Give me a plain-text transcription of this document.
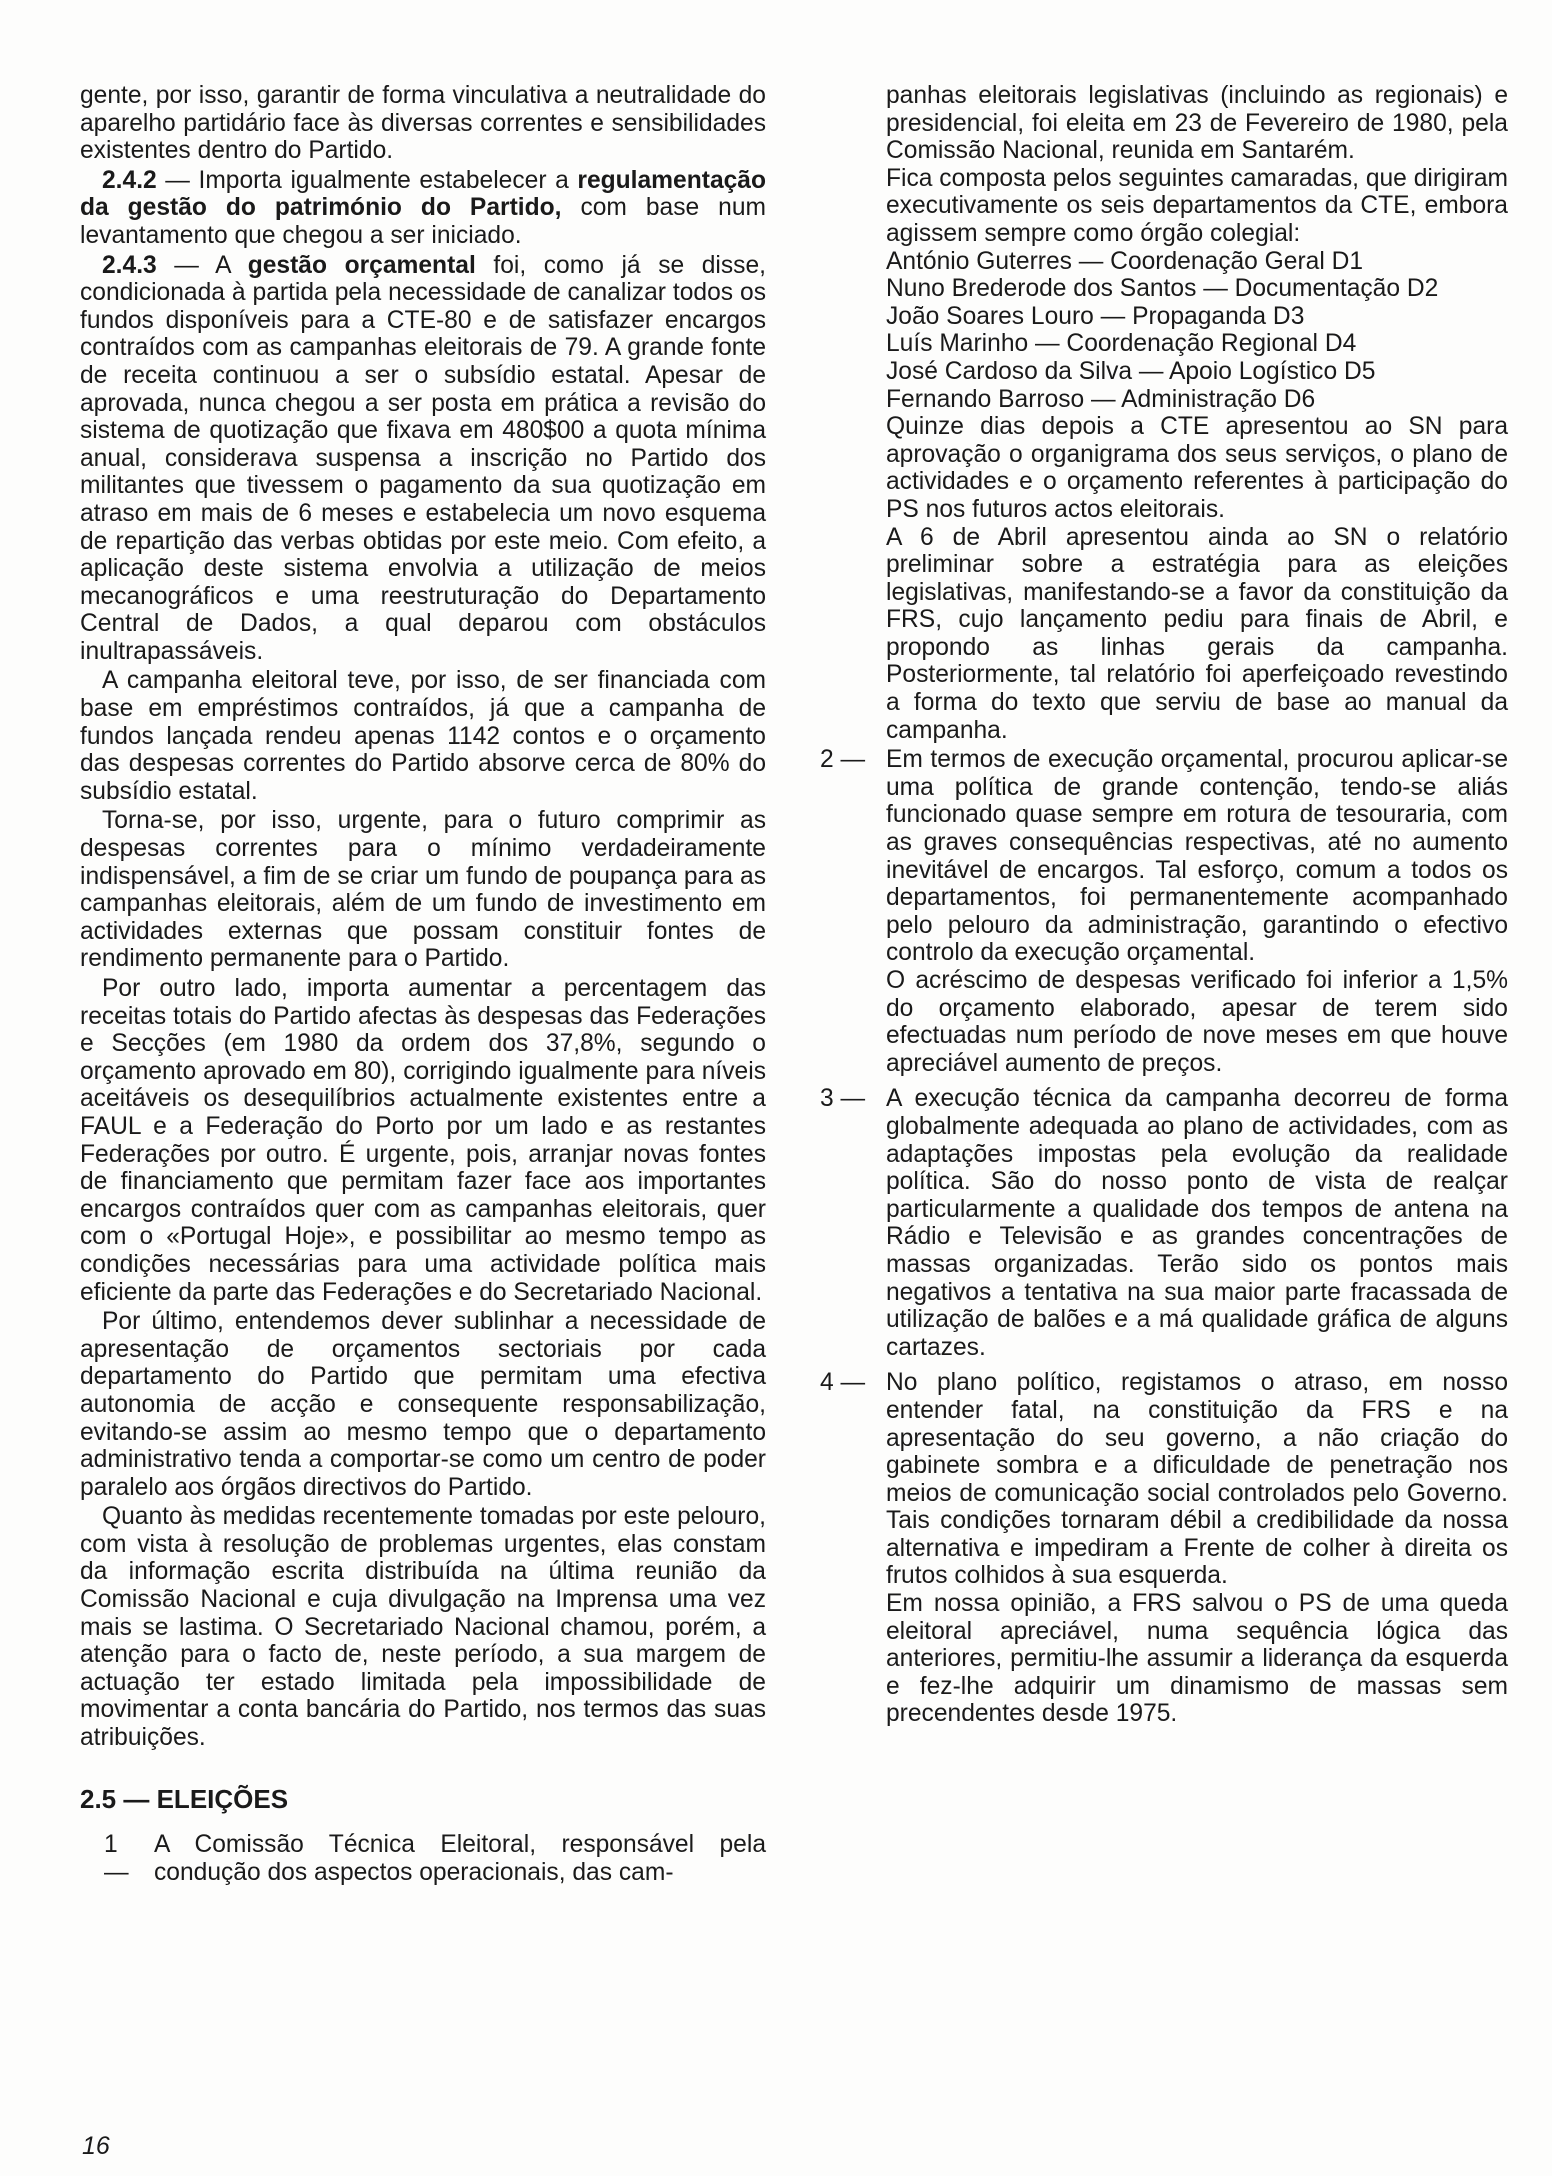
gente, por isso, garantir de forma vinculativa a neutralidade do aparelho partidário face às diversas correntes e sensibilidades existentes dentro do Partido.

2.4.2 — Importa igualmente estabelecer a regulamentação da gestão do património do Partido, com base num levantamento que chegou a ser iniciado.

2.4.3 — A gestão orçamental foi, como já se disse, condicionada à partida pela necessidade de canalizar todos os fundos disponíveis para a CTE-80 e de satisfazer encargos contraídos com as campanhas eleitorais de 79. A grande fonte de receita continuou a ser o subsídio estatal. Apesar de aprovada, nunca chegou a ser posta em prática a revisão do sistema de quotização que fixava em 480$00 a quota mínima anual, considerava suspensa a inscrição no Partido dos militantes que tivessem o pagamento da sua quotização em atraso em mais de 6 meses e estabelecia um novo esquema de repartição das verbas obtidas por este meio. Com efeito, a aplicação deste sistema envolvia a utilização de meios mecanográficos e uma reestruturação do Departamento Central de Dados, a qual deparou com obstáculos inultrapassáveis.

A campanha eleitoral teve, por isso, de ser financiada com base em empréstimos contraídos, já que a campanha de fundos lançada rendeu apenas 1142 contos e o orçamento das despesas correntes do Partido absorve cerca de 80% do subsídio estatal.

Torna-se, por isso, urgente, para o futuro comprimir as despesas correntes para o mínimo verdadeiramente indispensável, a fim de se criar um fundo de poupança para as campanhas eleitorais, além de um fundo de investimento em actividades externas que possam constituir fontes de rendimento permanente para o Partido.

Por outro lado, importa aumentar a percentagem das receitas totais do Partido afectas às despesas das Federações e Secções (em 1980 da ordem dos 37,8%, segundo o orçamento aprovado em 80), corrigindo igualmente para níveis aceitáveis os desequilíbrios actualmente existentes entre a FAUL e a Federação do Porto por um lado e as restantes Federações por outro. É urgente, pois, arranjar novas fontes de financiamento que permitam fazer face aos importantes encargos contraídos quer com as campanhas eleitorais, quer com o «Portugal Hoje», e possibilitar ao mesmo tempo as condições necessárias para uma actividade política mais eficiente da parte das Federações e do Secretariado Nacional.

Por último, entendemos dever sublinhar a necessidade de apresentação de orçamentos sectoriais por cada departamento do Partido que permitam uma efectiva autonomia de acção e consequente responsabilização, evitando-se assim ao mesmo tempo que o departamento administrativo tenda a comportar-se como um centro de poder paralelo aos órgãos directivos do Partido.

Quanto às medidas recentemente tomadas por este pelouro, com vista à resolução de problemas urgentes, elas constam da informação escrita distribuída na última reunião da Comissão Nacional e cuja divulgação na Imprensa uma vez mais se lastima. O Secretariado Nacional chamou, porém, a atenção para o facto de, neste período, a sua margem de actuação ter estado limitada pela impossibilidade de movimentar a conta bancária do Partido, nos termos das suas atribuições.

2.5 — ELEIÇÕES
1 —
A Comissão Técnica Eleitoral, responsável pela condução dos aspectos operacionais, das cam-

panhas eleitorais legislativas (incluindo as regionais) e presidencial, foi eleita em 23 de Fevereiro de 1980, pela Comissão Nacional, reunida em Santarém.

Fica composta pelos seguintes camaradas, que dirigiram executivamente os seis departamentos da CTE, embora agissem sempre como órgão colegial:

António Guterres — Coordenação Geral D1

Nuno Brederode dos Santos — Documentação D2

João Soares Louro — Propaganda D3

Luís Marinho — Coordenação Regional D4

José Cardoso da Silva — Apoio Logístico D5

Fernando Barroso — Administração D6

Quinze dias depois a CTE apresentou ao SN para aprovação o organigrama dos seus serviços, o plano de actividades e o orçamento referentes à participação do PS nos futuros actos eleitorais.

A 6 de Abril apresentou ainda ao SN o relatório preliminar sobre a estratégia para as eleições legislativas, manifestando-se a favor da constituição da FRS, cujo lançamento pediu para finais de Abril, e propondo as linhas gerais da campanha. Posteriormente, tal relatório foi aperfeiçoado revestindo a forma do texto que serviu de base ao manual da campanha.

2 — Em termos de execução orçamental, procurou aplicar-se uma política de grande contenção, tendo-se aliás funcionado quase sempre em rotura de tesouraria, com as graves consequências respectivas, até no aumento inevitável de encargos. Tal esforço, comum a todos os departamentos, foi permanentemente acompanhado pelo pelouro da administração, garantindo o efectivo controlo da execução orçamental.

O acréscimo de despesas verificado foi inferior a 1,5% do orçamento elaborado, apesar de terem sido efectuadas num período de nove meses em que houve apreciável aumento de preços.

3 — A execução técnica da campanha decorreu de forma globalmente adequada ao plano de actividades, com as adaptações impostas pela evolução da realidade política. São do nosso ponto de vista de realçar particularmente a qualidade dos tempos de antena na Rádio e Televisão e as grandes concentrações de massas organizadas. Terão sido os pontos mais negativos a tentativa na sua maior parte fracassada de utilização de balões e a má qualidade gráfica de alguns cartazes.

4 — No plano político, registamos o atraso, em nosso entender fatal, na constituição da FRS e na apresentação do seu governo, a não criação do gabinete sombra e a dificuldade de penetração nos meios de comunicação social controlados pelo Governo. Tais condições tornaram débil a credibilidade da nossa alternativa e impediram a Frente de colher à direita os frutos colhidos à sua esquerda.

Em nossa opinião, a FRS salvou o PS de uma queda eleitoral apreciável, numa sequência lógica das anteriores, permitiu-lhe assumir a liderança da esquerda e fez-lhe adquirir um dinamismo de massas sem precendentes desde 1975.

16
